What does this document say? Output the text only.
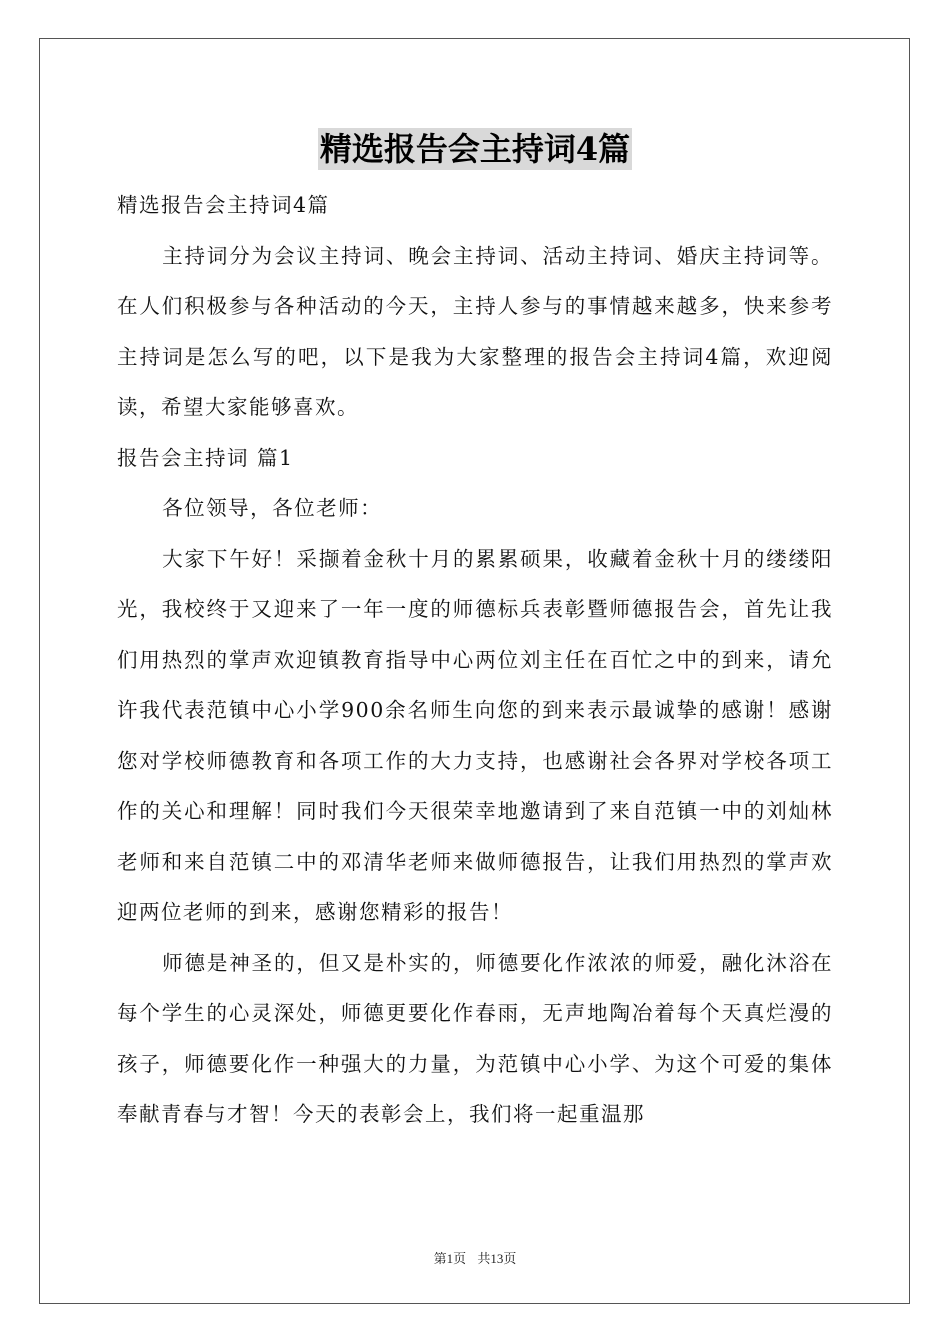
精选报告会主持词4篇

精选报告会主持词4篇

主持词分为会议主持词、晚会主持词、活动主持词、婚庆主持词等。在人们积极参与各种活动的今天，主持人参与的事情越来越多，快来参考主持词是怎么写的吧，以下是我为大家整理的报告会主持词4篇，欢迎阅读，希望大家能够喜欢。

报告会主持词 篇1

各位领导，各位老师：

大家下午好！采撷着金秋十月的累累硕果，收藏着金秋十月的缕缕阳光，我校终于又迎来了一年一度的师德标兵表彰暨师德报告会，首先让我们用热烈的掌声欢迎镇教育指导中心两位刘主任在百忙之中的到来，请允许我代表范镇中心小学900余名师生向您的到来表示最诚挚的感谢！感谢您对学校师德教育和各项工作的大力支持，也感谢社会各界对学校各项工作的关心和理解！同时我们今天很荣幸地邀请到了来自范镇一中的刘灿林老师和来自范镇二中的邓清华老师来做师德报告，让我们用热烈的掌声欢迎两位老师的到来，感谢您精彩的报告！

师德是神圣的，但又是朴实的，师德要化作浓浓的师爱，融化沐浴在每个学生的心灵深处，师德更要化作春雨，无声地陶冶着每个天真烂漫的孩子，师德要化作一种强大的力量，为范镇中心小学、为这个可爱的集体奉献青春与才智！今天的表彰会上，我们将一起重温那

第1页 共13页
